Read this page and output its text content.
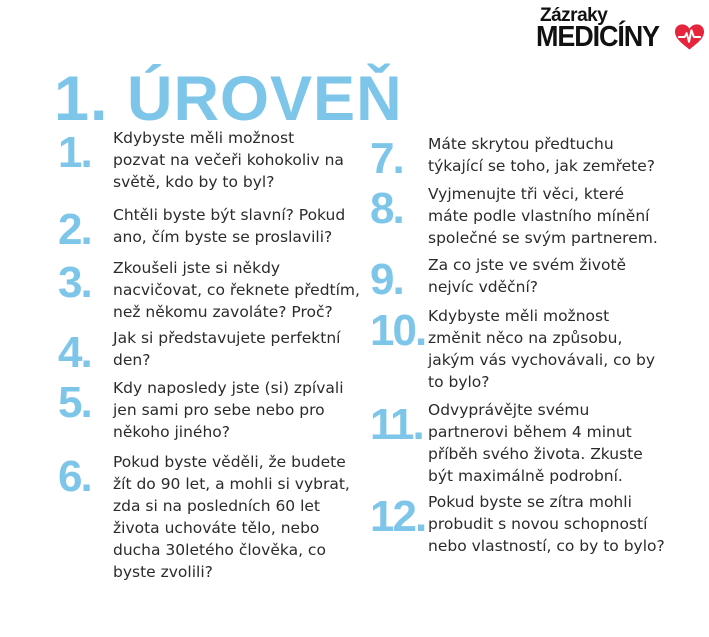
Zázraky
MEDICÍNY
1. ÚROVEŇ
1. Kdybyste měli možnost
pozvat na večeři kohokoliv na
světě, kdo by to byl?
2. Chtěli byste být slavní? Pokud
ano, čím byste se proslavili?
3. Zkoušeli jste si někdy
nacvičovat, co řeknete předtím,
než někomu zavoláte? Proč?
4. Jak si představujete perfektní
den?
5. Kdy naposledy jste (si) zpívali
jen sami pro sebe nebo pro
někoho jiného?
6. Pokud byste věděli, že budete
žít do 90 let, a mohli si vybrat,
zda si na posledních 60 let
života uchováte tělo, nebo
ducha 30letého člověka, co
byste zvolili?
7. Máte skrytou předtuchu
týkající se toho, jak zemřete?
8. Vyjmenujte tři věci, které
máte podle vlastního mínění
společné se svým partnerem.
9. Za co jste ve svém životě
nejvíc vděční?
10. Kdybyste měli možnost
změnit něco na způsobu,
jakým vás vychovávali, co by
to bylo?
11. Odvyprávějte svému
partnerovi během 4 minut
příběh svého života. Zkuste
být maximálně podrobní.
12. Pokud byste se zítra mohli
probudit s novou schopností
nebo vlastností, co by to bylo?
